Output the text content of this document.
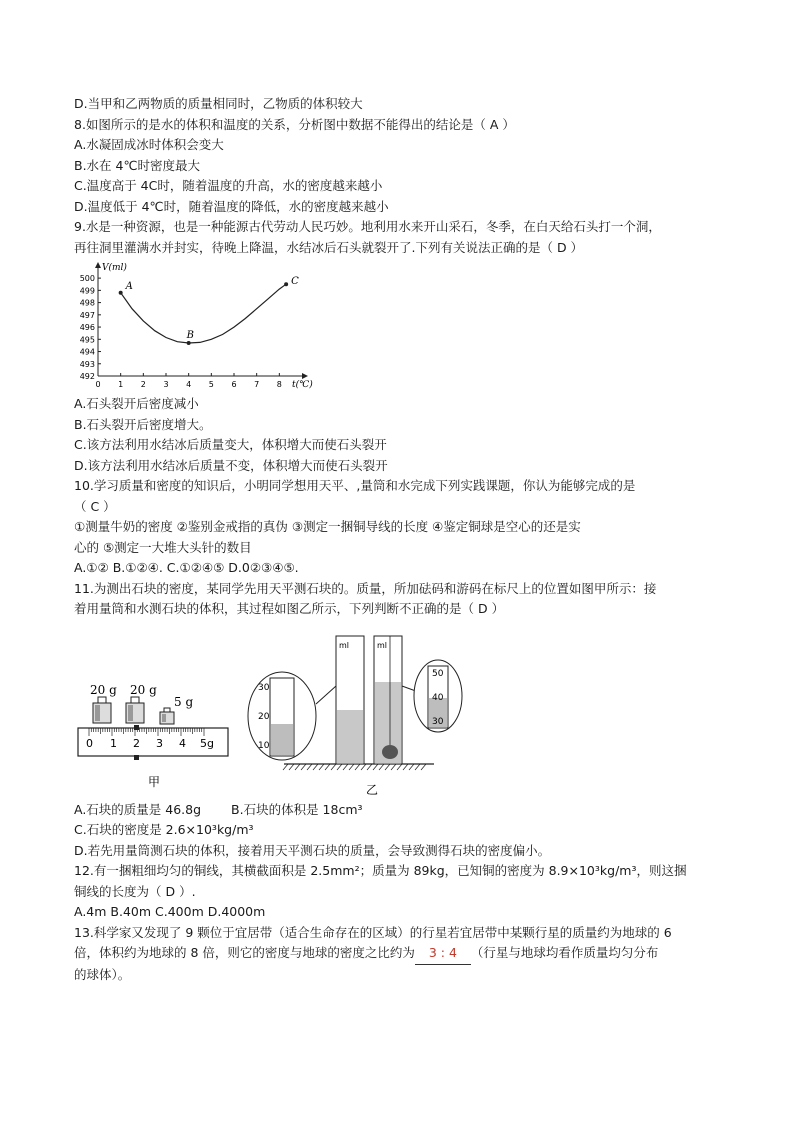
D.当甲和乙两物质的质量相同时，乙物质的体积较大
8.如图所示的是水的体积和温度的关系，分析图中数据不能得出的结论是（ A ）
A.水凝固成冰时体积会变大
B.水在 4℃时密度最大
C.温度高于 4C时，随着温度的升高，水的密度越来越小
D.温度低于 4℃时，随着温度的降低，水的密度越来越小
9.水是一种资源，也是一种能源古代劳动人民巧妙。地利用水来开山采石，冬季，在白天给石头打一个洞，
再往洞里灌满水并封实，待晚上降温，水结冰后石头就裂开了.下列有关说法正确的是（ D ）
492
493
494
495
496
497
498
499
500
0 1 2 3 4 5 6 7 8 t(℃)
V(ml)
A
B
C
A.石头裂开后密度减小
B.石头裂开后密度增大。
C.该方法利用水结冰后质量变大，体积增大而使石头裂开
D.该方法利用水结冰后质量不变，体积增大而使石头裂开
10.学习质量和密度的知识后，小明同学想用天平、,量筒和水完成下列实践课题，你认为能够完成的是
（ C ）
①测量牛奶的密度 ②鉴别金戒指的真伪 ③测定一捆铜导线的长度 ④鉴定铜球是空心的还是实
心的 ⑤测定一大堆大头针的数目
A.①② B.①②④. C.①②④⑤ D.0②③④⑤.
11.为测出石块的密度，某同学先用天平测石块的。质量，所加砝码和游码在标尺上的位置如图甲所示：接
着用量筒和水测石块的体积，其过程如图乙所示，下列判断不正确的是（ D ）
20 g 20 g
5 g
0 1 2 3 4 5g
甲
30
20
10
ml	ml
50
40
30
乙
A.石块的质量是 46.8g B.石块的体积是 18cm³
C.石块的密度是 2.6×10³kg/m³
D.若先用量筒测石块的体积，接着用天平测石块的质量，会导致测得石块的密度偏小。
12.有一捆粗细均匀的铜线，其横截面积是 2.5mm²；质量为 89kg，已知铜的密度为 8.9×10³kg/m³，则这捆
铜线的长度为（ D ）.
A.4m B.40m C.400m D.4000m
13.科学家又发现了 9 颗位于宜居带（适合生命存在的区域）的行星若宜居带中某颗行星的质量约为地球的 6
倍，体积约为地球的 8 倍，则它的密度与地球的密度之比约为 3 : 4 （行星与地球均看作质量均匀分布
的球体）。
